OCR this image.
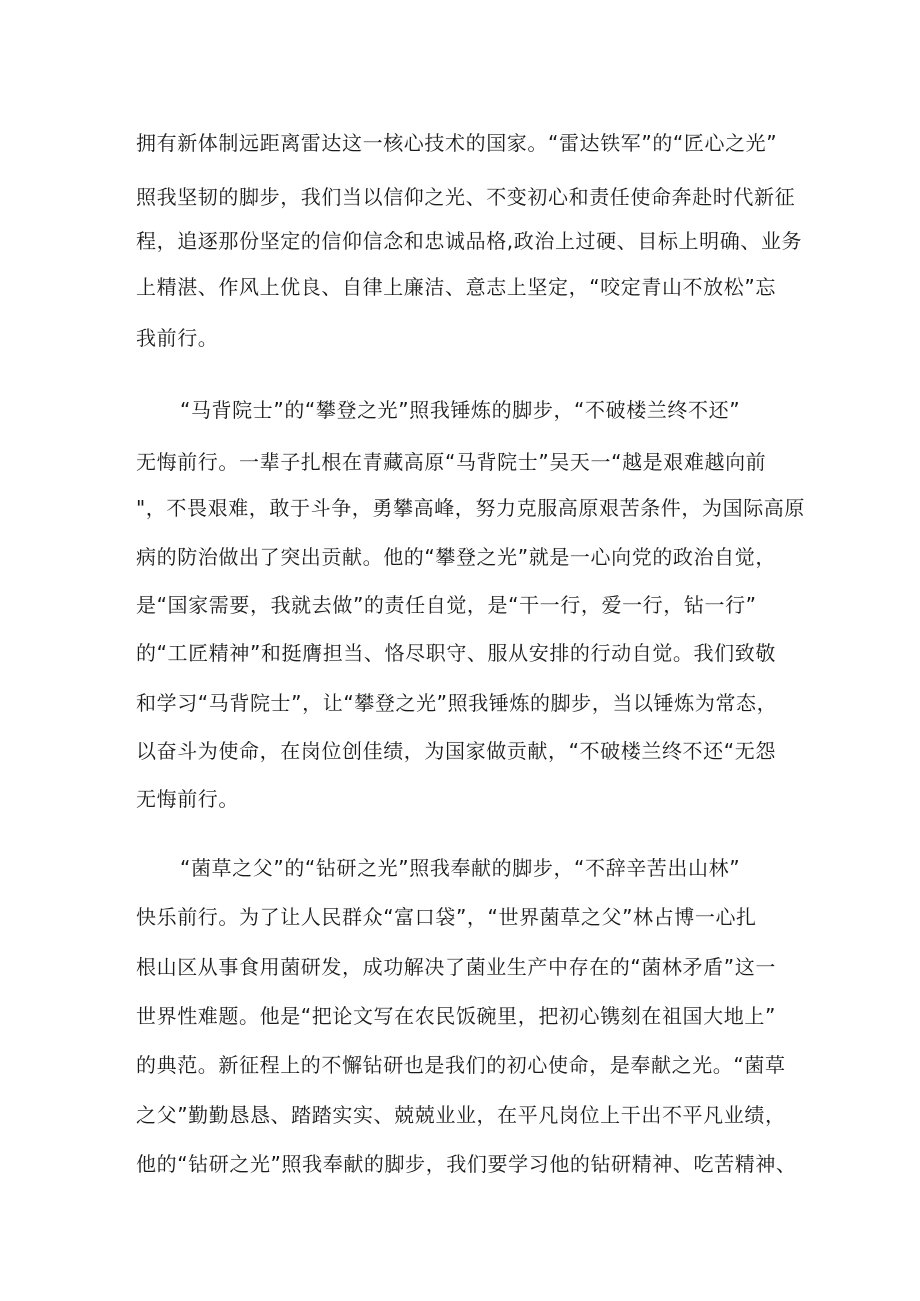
拥有新体制远距离雷达这一核心技术的国家。“雷达铁军”的“匠心之光”
照我坚韧的脚步，我们当以信仰之光、不变初心和责任使命奔赴时代新征
程，追逐那份坚定的信仰信念和忠诚品格,政治上过硬、目标上明确、业务
上精湛、作风上优良、自律上廉洁、意志上坚定，“咬定青山不放松”忘
我前行。
“马背院士”的“攀登之光”照我锤炼的脚步，“不破楼兰终不还”
无悔前行。一辈子扎根在青藏高原“马背院士”吴天一“越是艰难越向前
"，不畏艰难，敢于斗争，勇攀高峰，努力克服高原艰苦条件，为国际高原
病的防治做出了突出贡献。他的“攀登之光”就是一心向党的政治自觉，
是“国家需要，我就去做”的责任自觉，是“干一行，爱一行，钻一行”
的“工匠精神”和挺膺担当、恪尽职守、服从安排的行动自觉。我们致敬
和学习“马背院士”，让“攀登之光”照我锤炼的脚步，当以锤炼为常态，
以奋斗为使命，在岗位创佳绩，为国家做贡献，“不破楼兰终不还“无怨
无悔前行。
“菌草之父”的“钻研之光”照我奉献的脚步，“不辞辛苦出山林”
快乐前行。为了让人民群众“富口袋”，“世界菌草之父”林占博一心扎
根山区从事食用菌研发，成功解决了菌业生产中存在的“菌林矛盾”这一
世界性难题。他是“把论文写在农民饭碗里，把初心镌刻在祖国大地上”
的典范。新征程上的不懈钻研也是我们的初心使命，是奉献之光。“菌草
之父”勤勤恳恳、踏踏实实、兢兢业业，在平凡岗位上干出不平凡业绩，
他的“钻研之光”照我奉献的脚步，我们要学习他的钻研精神、吃苦精神、
